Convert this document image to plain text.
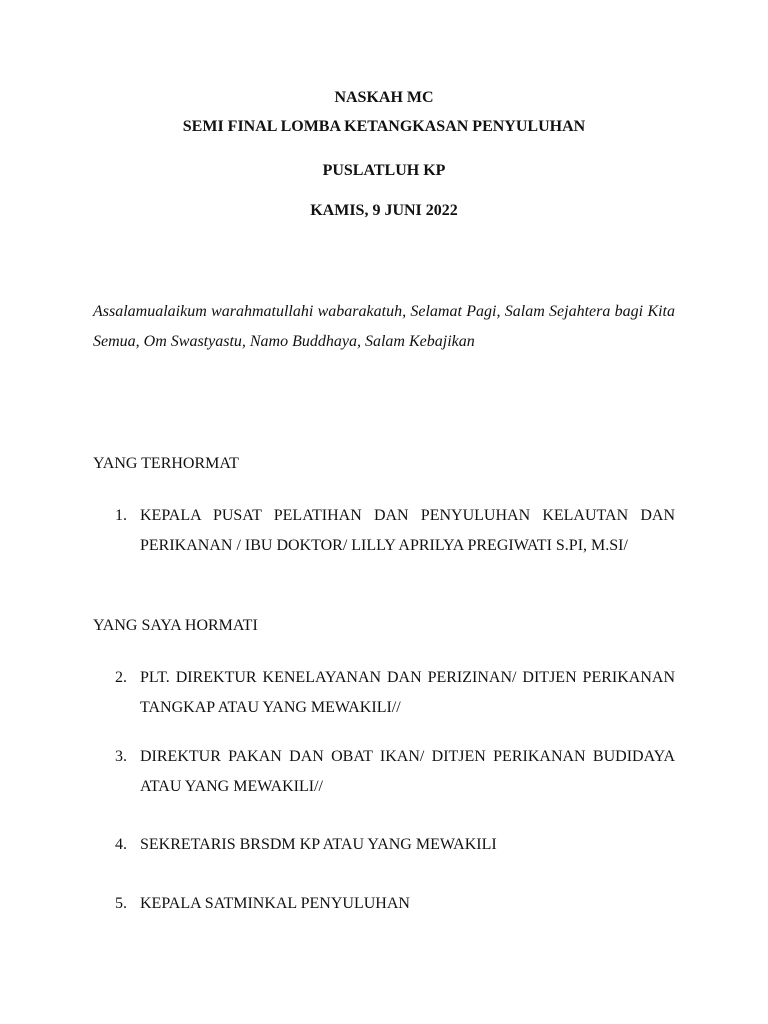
NASKAH MC
SEMI FINAL LOMBA KETANGKASAN PENYULUHAN
PUSLATLUH KP
KAMIS, 9 JUNI 2022
Assalamualaikum warahmatullahi wabarakatuh, Selamat Pagi, Salam Sejahtera bagi Kita Semua, Om Swastyastu, Namo Buddhaya, Salam Kebajikan
YANG TERHORMAT
1. KEPALA PUSAT PELATIHAN DAN PENYULUHAN KELAUTAN DAN PERIKANAN / IBU DOKTOR/ LILLY APRILYA PREGIWATI S.PI, M.SI/
YANG SAYA HORMATI
2. PLT. DIREKTUR KENELAYANAN DAN PERIZINAN/ DITJEN PERIKANAN TANGKAP ATAU YANG MEWAKILI//
3. DIREKTUR PAKAN DAN OBAT IKAN/ DITJEN PERIKANAN BUDIDAYA ATAU YANG MEWAKILI//
4. SEKRETARIS BRSDM KP ATAU YANG MEWAKILI
5. KEPALA SATMINKAL PENYULUHAN
